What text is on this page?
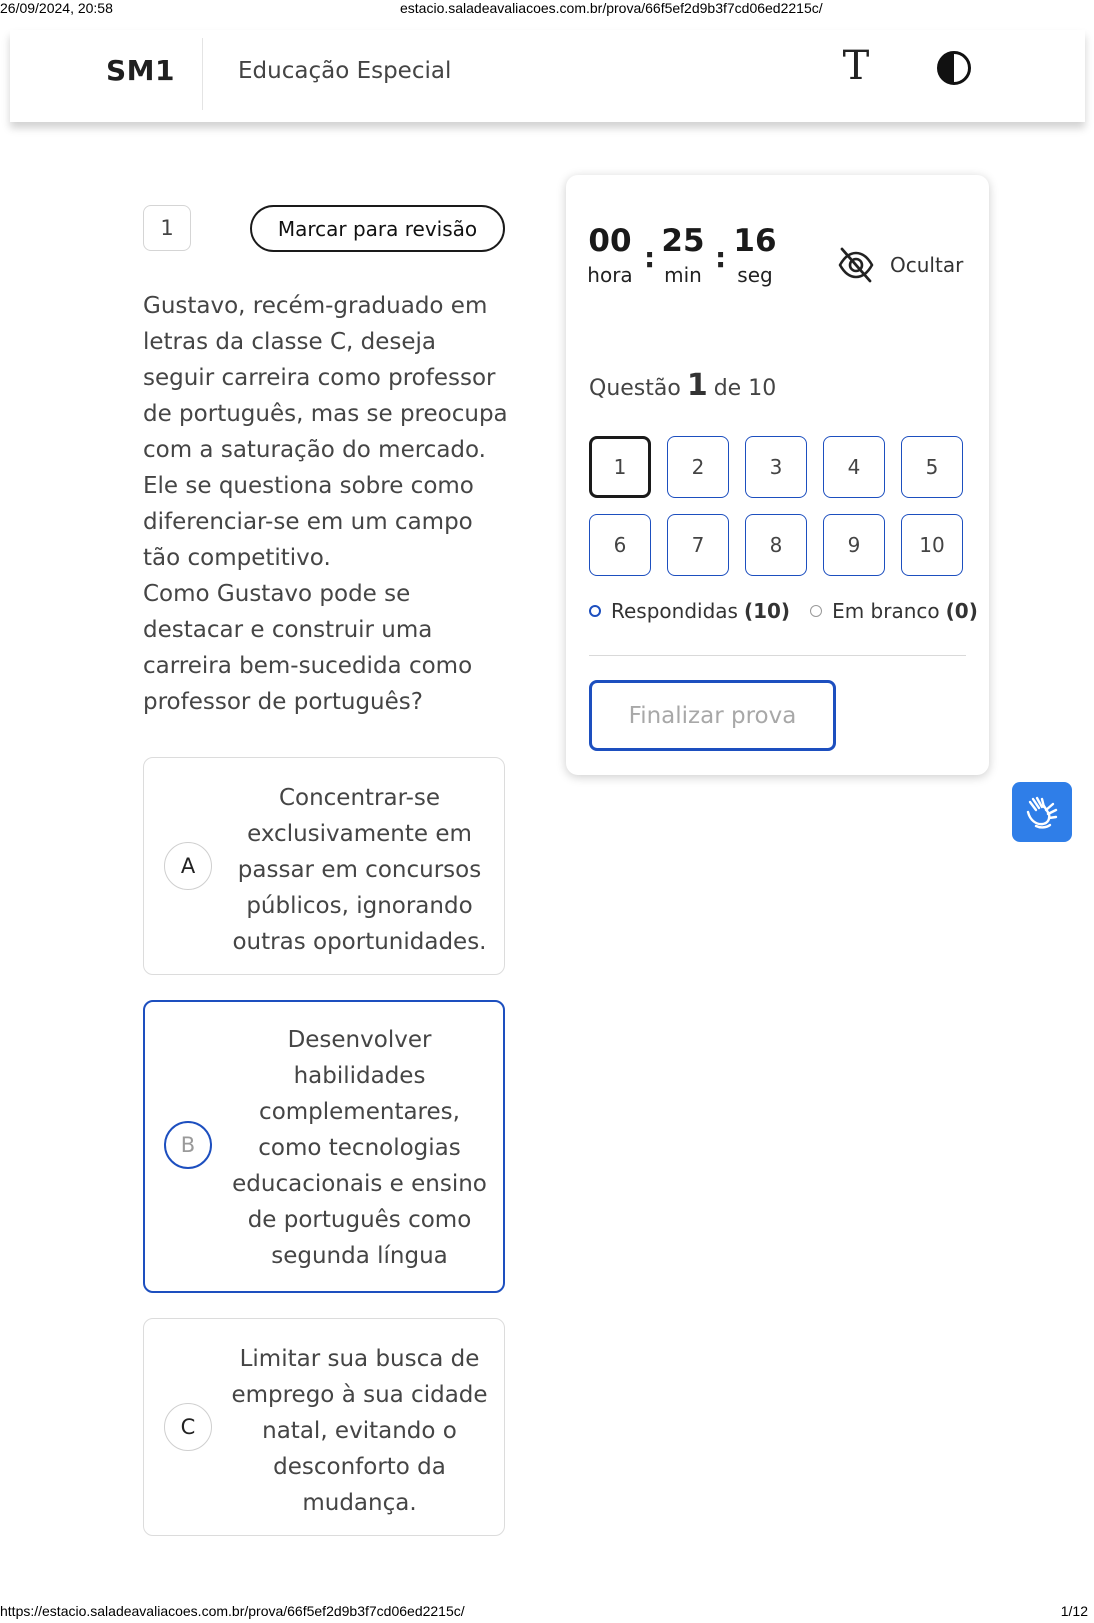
26/09/2024, 20:58	estacio.saladeavaliacoes.com.br/prova/66f5ef2d9b3f7cd06ed2215c/
SM1	Educação Especial	T
1	Marcar para revisão
Gustavo, recém-graduado em
letras da classe C, deseja
seguir carreira como professor
de português, mas se preocupa
com a saturação do mercado.
Ele se questiona sobre como
diferenciar-se em um campo
tão competitivo.
Como Gustavo pode se
destacar e construir uma
carreira bem-sucedida como
professor de português?
A
Concentrar-se
exclusivamente em
passar em concursos
públicos, ignorando
outras oportunidades.
B
Desenvolver
habilidades
complementares,
como tecnologias
educacionais e ensino
de português como
segunda língua
C
Limitar sua busca de
emprego à sua cidade
natal, evitando o
desconforto da
mudança.
00
hora
: 25
min
: 16
seg	Ocultar
Questão 1 de 10
1	2	3	4	5
6	7	8	9	10
Respondidas (10) Em branco (0)
Finalizar prova
https://estacio.saladeavaliacoes.com.br/prova/66f5ef2d9b3f7cd06ed2215c/	1/12
